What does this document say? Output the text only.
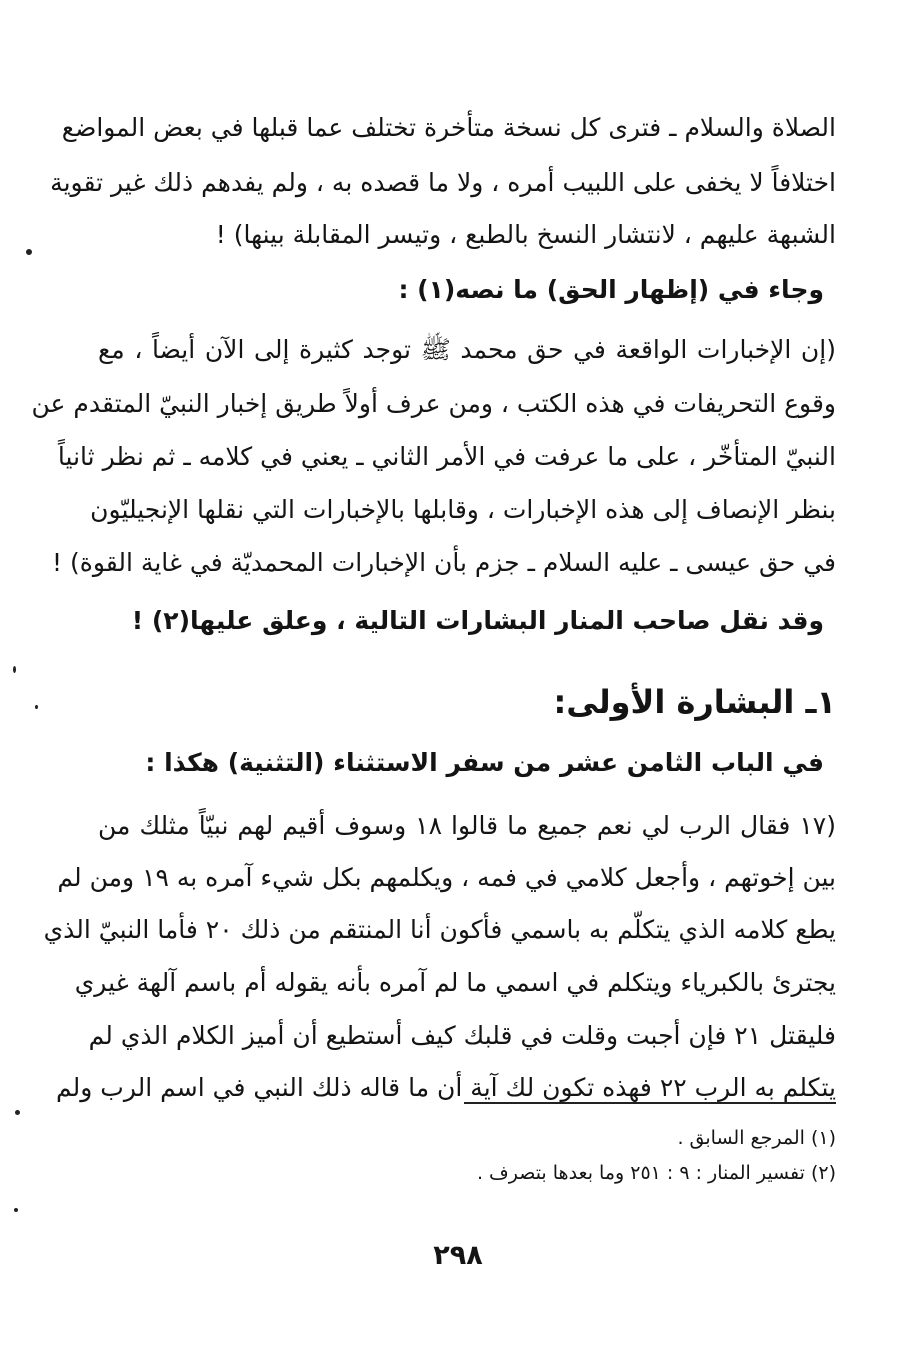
الصلاة والسلام ـ فترى كل نسخة متأخرة تختلف عما قبلها في بعض المواضع
اختلافاً لا يخفى على اللبيب أمره ، ولا ما قصده به ، ولم يفدهم ذلك غير تقوية
الشبهة عليهم ، لانتشار النسخ بالطبع ، وتيسر المقابلة بينها) !
وجاء في (إظهار الحق) ما نصه(١) :
(إن الإخبارات الواقعة في حق محمد ﷺ توجد كثيرة إلى الآن أيضاً ، مع
وقوع التحريفات في هذه الكتب ، ومن عرف أولاً طريق إخبار النبيّ المتقدم عن
النبيّ المتأخّر ، على ما عرفت في الأمر الثاني ـ يعني في كلامه ـ ثم نظر ثانياً
بنظر الإنصاف إلى هذه الإخبارات ، وقابلها بالإخبارات التي نقلها الإنجيليّون
في حق عيسى ـ عليه السلام ـ جزم بأن الإخبارات المحمديّة في غاية القوة) !
وقد نقل صاحب المنار البشارات التالية ، وعلق عليها(٢) !
١ـ البشارة الأولى:
في الباب الثامن عشر من سفر الاستثناء (التثنية) هكذا :
(١٧ فقال الرب لي نعم جميع ما قالوا ١٨ وسوف أقيم لهم نبيّاً مثلك من
بين إخوتهم ، وأجعل كلامي في فمه ، ويكلمهم بكل شيء آمره به ١٩ ومن لم
يطع كلامه الذي يتكلّم به باسمي فأكون أنا المنتقم من ذلك ٢٠ فأما النبيّ الذي
يجترئ بالكبرياء ويتكلم في اسمي ما لم آمره بأنه يقوله أم باسم آلهة غيري
فليقتل ٢١ فإن أجبت وقلت في قلبك كيف أستطيع أن أميز الكلام الذي لم
يتكلم به الرب ٢٢ فهذه تكون لك آية أن ما قاله ذلك النبي في اسم الرب ولم
(١) المرجع السابق .
(٢) تفسير المنار : ٩ : ٢٥١ وما بعدها بتصرف .
٢٩٨
